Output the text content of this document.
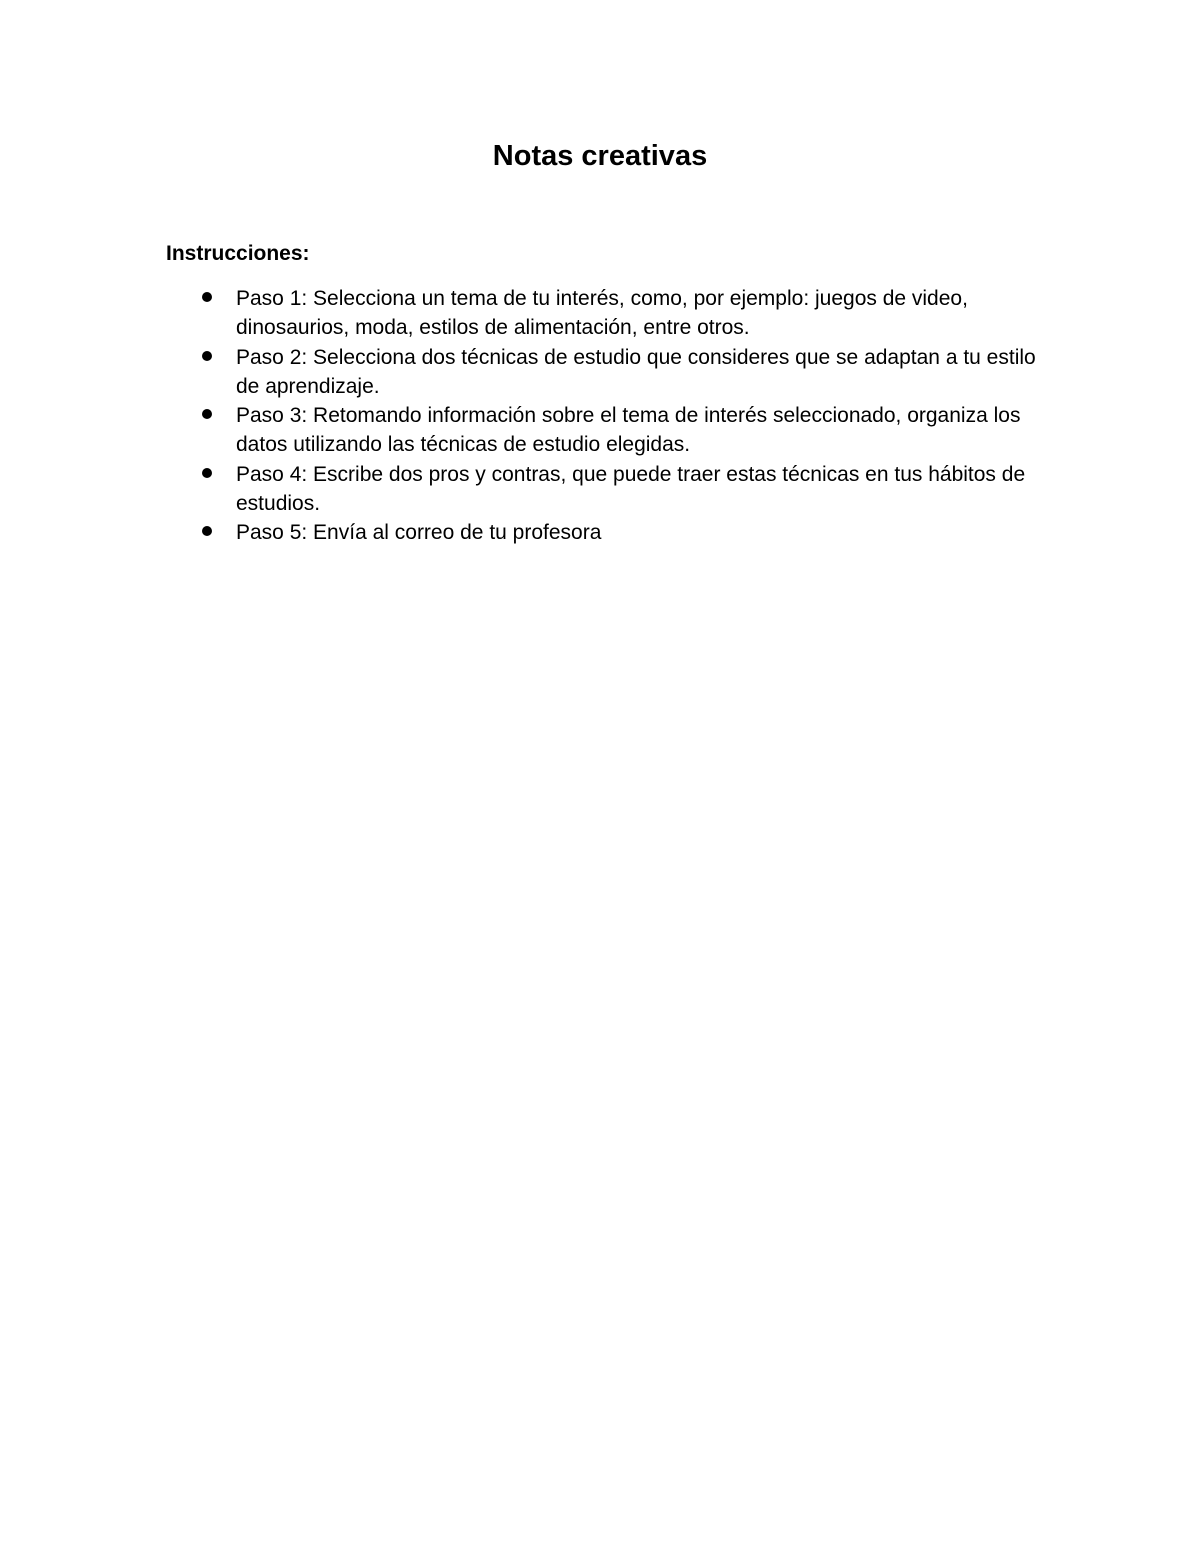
Notas creativas
Instrucciones:
Paso 1: Selecciona un tema de tu interés, como, por ejemplo: juegos de video, dinosaurios, moda, estilos de alimentación, entre otros.
Paso 2: Selecciona dos técnicas de estudio que consideres que se adaptan a tu estilo de aprendizaje.
Paso 3: Retomando información sobre el tema de interés seleccionado, organiza los datos utilizando las técnicas de estudio elegidas.
Paso 4: Escribe dos pros y contras, que puede traer estas técnicas en tus hábitos de estudios.
Paso 5: Envía al correo de tu profesora
